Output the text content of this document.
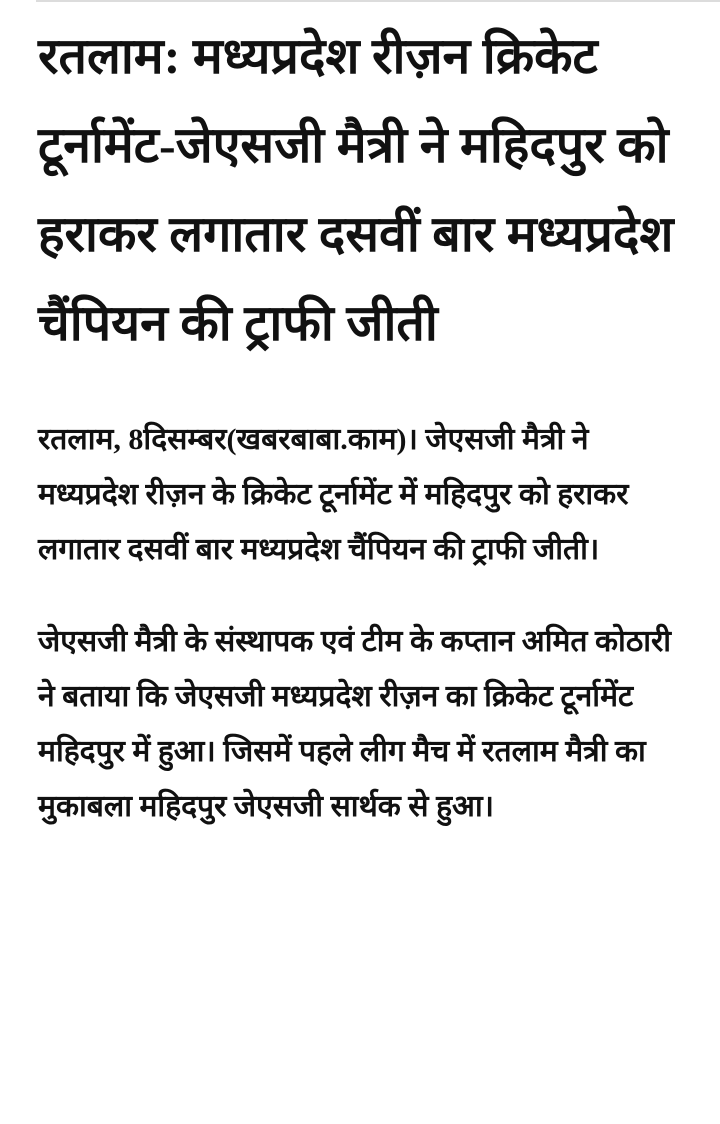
रतलाम: मध्यप्रदेश रीज़न क्रिकेट टूर्नामेंट-जेएसजी मैत्री ने महिदपुर को हराकर लगातार दसवीं बार मध्यप्रदेश चैंपियन की ट्राफी जीती

रतलाम, 8दिसम्बर(खबरबाबा.काम)। जेएसजी मैत्री ने मध्यप्रदेश रीज़न के क्रिकेट टूर्नामेंट में महिदपुर को हराकर लगातार दसवीं बार मध्यप्रदेश चैंपियन की ट्राफी जीती।

जेएसजी मैत्री के संस्थापक एवं टीम के कप्तान अमित कोठारी ने बताया कि जेएसजी मध्यप्रदेश रीज़न का क्रिकेट टूर्नामेंट महिदपुर में हुआ। जिसमें पहले लीग मैच में रतलाम मैत्री का मुकाबला महिदपुर जेएसजी सार्थक से हुआ।
